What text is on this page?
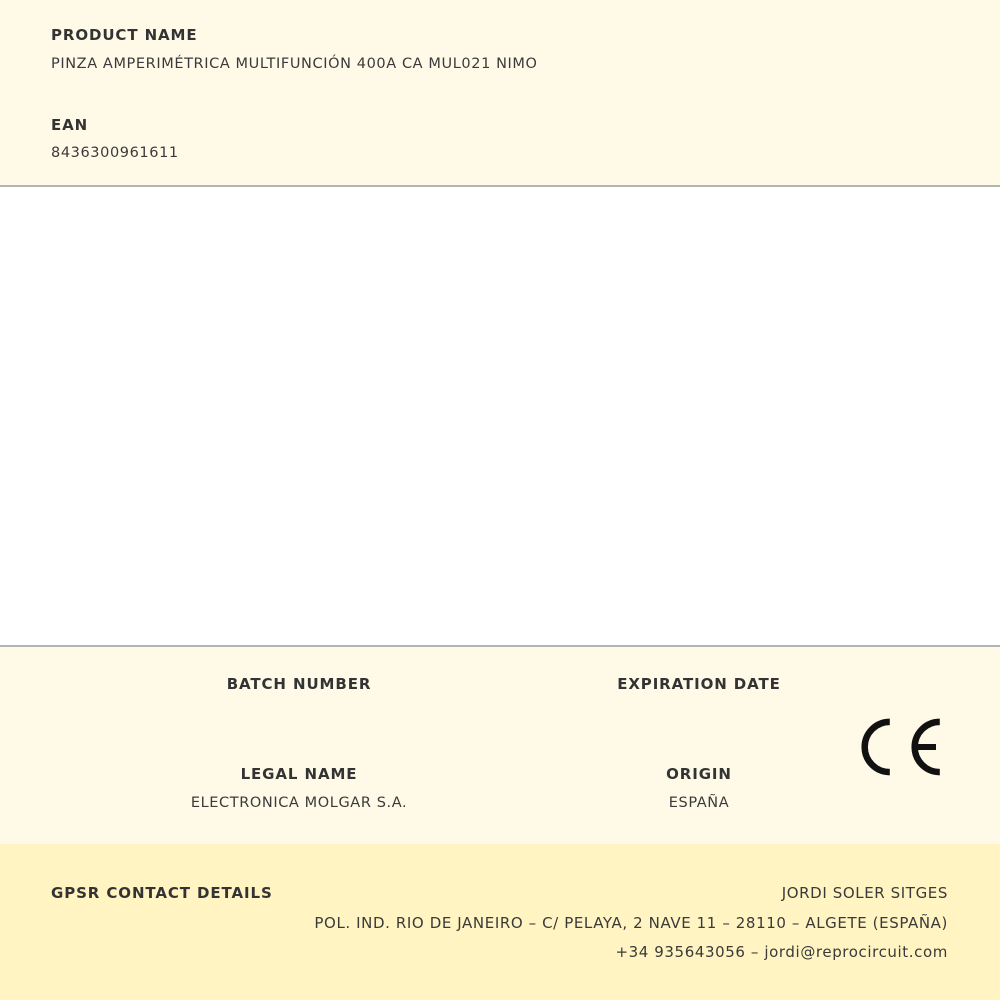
PRODUCT NAME
PINZA AMPERIMÉTRICA MULTIFUNCIÓN 400A CA MUL021 NIMO
EAN
8436300961611
BATCH NUMBER	EXPIRATION DATE
LEGAL NAME
ELECTRONICA MOLGAR S.A.
ORIGIN
ESPAÑA
GPSR CONTACT DETAILS	JORDI SOLER SITGES
POL. IND. RIO DE JANEIRO – C/ PELAYA, 2 NAVE 11 – 28110 – ALGETE (ESPAÑA)
+34 935643056 – jordi@reprocircuit.com
